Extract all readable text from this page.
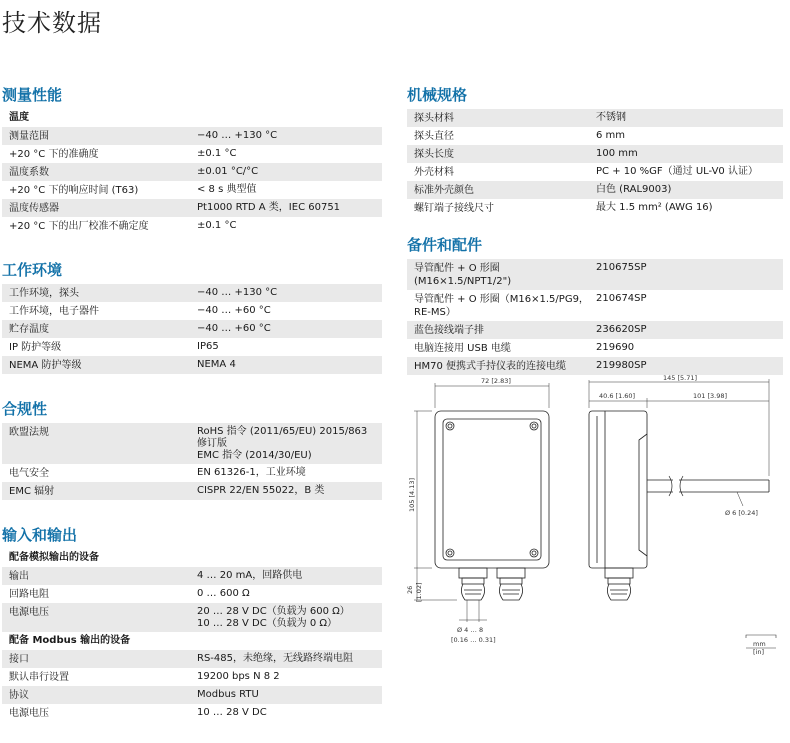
技术数据
测量性能
温度
测量范围	−40 … +130 °C
+20 °C 下的准确度	±0.1 °C
温度系数	±0.01 °C/°C
+20 °C 下的响应时间 (T63)	< 8 s 典型值
温度传感器	Pt1000 RTD A 类，IEC 60751
+20 °C 下的出厂校准不确定度	±0.1 °C
工作环境
工作环境，探头	−40 … +130 °C
工作环境，电子器件	−40 … +60 °C
贮存温度	−40 … +60 °C
IP 防护等级	IP65
NEMA 防护等级	NEMA 4
合规性
欧盟法规	RoHS 指令 (2011/65/EU) 2015/863
修订版
EMC 指令 (2014/30/EU)
电气安全	EN 61326-1，工业环境
EMC 辐射	CISPR 22/EN 55022，B 类
输入和输出
配备模拟输出的设备
输出	4 … 20 mA，回路供电
回路电阻	0 … 600 Ω
电源电压	20 … 28 V DC（负载为 600 Ω）
10 … 28 V DC（负载为 0 Ω）
配备 Modbus 输出的设备
接口	RS-485，未绝缘，无线路终端电阻
默认串行设置	19200 bps N 8 2
协议	Modbus RTU
电源电压	10 … 28 V DC
机械规格
探头材料	不锈钢
探头直径	6 mm
探头长度	100 mm
外壳材料	PC + 10 %GF（通过 UL-V0 认证）
标准外壳颜色	白色 (RAL9003)
螺钉端子接线尺寸	最大 1.5 mm² (AWG 16)
备件和配件
导管配件 + O 形圈 (M16×1.5/NPT1/2")
210675SP
导管配件 + O 形圈（M16×1.5/PG9，RE-MS）
210674SP
蓝色接线端子排	236620SP
电脑连接用 USB 电缆	219690
HM70 便携式手持仪表的连接电缆	219980SP
72 [2.83]	145 [5.71]
40.6 [1.60]	101 [3.98]
105 [4.13]
26 [1.02]
Ø 4 … 8
[0.16 … 0.31]
Ø 6 [0.24]
mm
[in]
